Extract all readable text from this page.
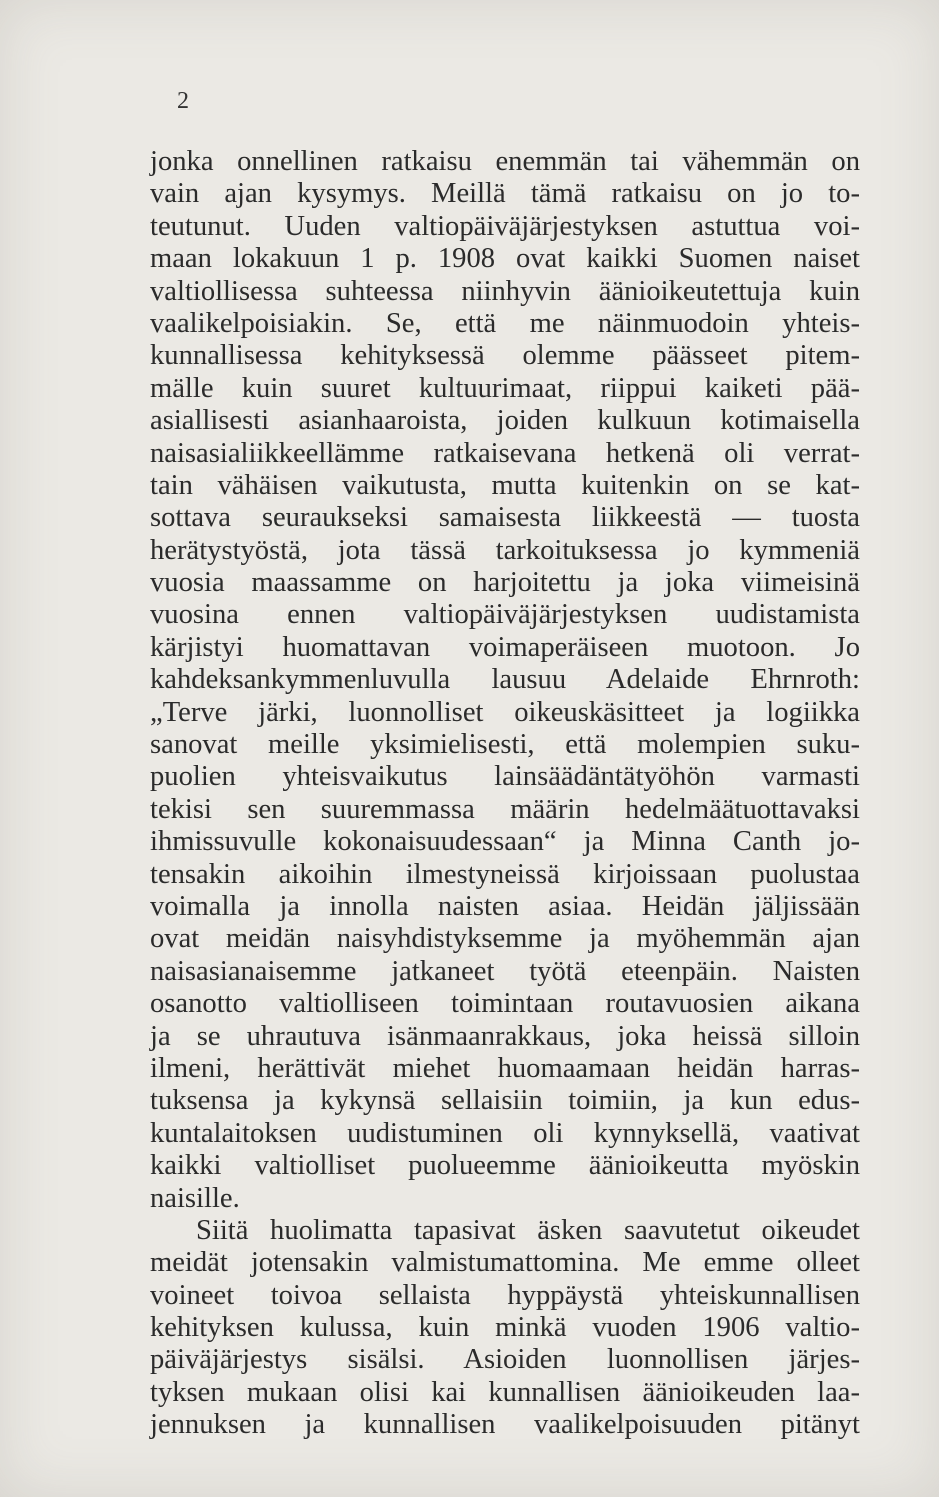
2

jonka onnellinen ratkaisu enemmän tai vähemmän on
vain ajan kysymys. Meillä tämä ratkaisu on jo to-
teutunut. Uuden valtiopäiväjärjestyksen astuttua voi-
maan lokakuun 1 p. 1908 ovat kaikki Suomen naiset
valtiollisessa suhteessa niinhyvin äänioikeutettuja kuin
vaalikelpoisiakin. Se, että me näinmuodoin yhteis-
kunnallisessa kehityksessä olemme päässeet pitem-
mälle kuin suuret kultuurimaat, riippui kaiketi pää-
asiallisesti asianhaaroista, joiden kulkuun kotimaisella
naisasialiikkeellämme ratkaisevana hetkenä oli verrat-
tain vähäisen vaikutusta, mutta kuitenkin on se kat-
sottava seuraukseksi samaisesta liikkeestä — tuosta
herätystyöstä, jota tässä tarkoituksessa jo kymmeniä
vuosia maassamme on harjoitettu ja joka viimeisinä
vuosina ennen valtiopäiväjärjestyksen uudistamista
kärjistyi huomattavan voimaperäiseen muotoon. Jo
kahdeksankymmenluvulla lausuu Adelaide Ehrnroth:
„Terve järki, luonnolliset oikeuskäsitteet ja logiikka
sanovat meille yksimielisesti, että molempien suku-
puolien yhteisvaikutus lainsäädäntätyöhön varmasti
tekisi sen suuremmassa määrin hedelmäätuottavaksi
ihmissuvulle kokonaisuudessaan“ ja Minna Canth jo-
tensakin aikoihin ilmestyneissä kirjoissaan puolustaa
voimalla ja innolla naisten asiaa. Heidän jäljissään
ovat meidän naisyhdistyksemme ja myöhemmän ajan
naisasianaisemme jatkaneet työtä eteenpäin. Naisten
osanotto valtiolliseen toimintaan routavuosien aikana
ja se uhrautuva isänmaanrakkaus, joka heissä silloin
ilmeni, herättivät miehet huomaamaan heidän harras-
tuksensa ja kykynsä sellaisiin toimiin, ja kun edus-
kuntalaitoksen uudistuminen oli kynnyksellä, vaativat
kaikki valtiolliset puolueemme äänioikeutta myöskin
naisille.

Siitä huolimatta tapasivat äsken saavutetut oikeudet
meidät jotensakin valmistumattomina. Me emme olleet
voineet toivoa sellaista hyppäystä yhteiskunnallisen
kehityksen kulussa, kuin minkä vuoden 1906 valtio-
päiväjärjestys sisälsi. Asioiden luonnollisen järjes-
tyksen mukaan olisi kai kunnallisen äänioikeuden laa-
jennuksen ja kunnallisen vaalikelpoisuuden pitänyt
